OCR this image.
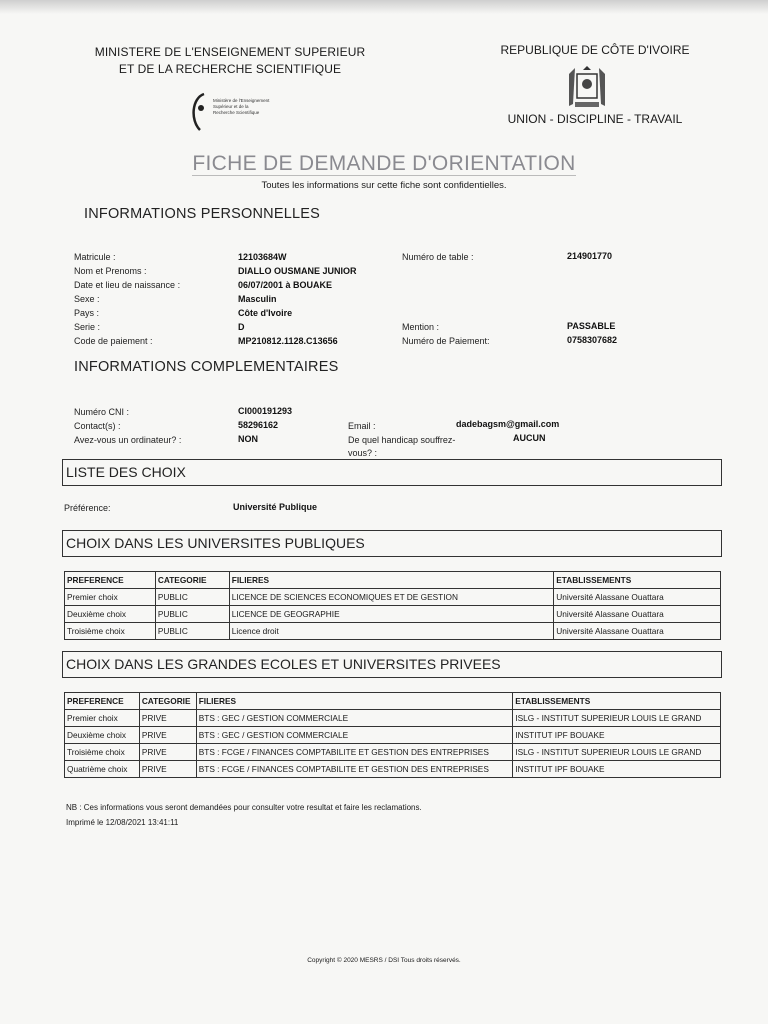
MINISTERE DE L'ENSEIGNEMENT SUPERIEUR
ET DE LA RECHERCHE SCIENTIFIQUE
Ministère de l'Enseignement
Supérieur et de la
Recherche Scientifique
REPUBLIQUE DE CÔTE D'IVOIRE
UNION - DISCIPLINE - TRAVAIL
FICHE DE DEMANDE D'ORIENTATION
Toutes les informations sur cette fiche sont confidentielles.
INFORMATIONS PERSONNELLES
Matricule :	12103684W
Nom et Prenoms :	DIALLO OUSMANE JUNIOR
Date et lieu de naissance :	06/07/2001 à BOUAKE
Sexe :	Masculin
Pays :	Côte d'Ivoire
Serie :	D
Code de paiement :	MP210812.1128.C13656
Numéro de table :	214901770
Mention :	PASSABLE
Numéro de Paiement:	0758307682
INFORMATIONS COMPLEMENTAIRES
Numéro CNI :	CI000191293
Contact(s) :	58296162
Avez-vous un ordinateur? :	NON
Email :	dadebagsm@gmail.com
De quel handicap souffrez-
vous? :
AUCUN
LISTE DES CHOIX
Préférence:	Université Publique
CHOIX DANS LES UNIVERSITES PUBLIQUES
PREFERENCE	CATEGORIE	FILIERES	ETABLISSEMENTS
Premier choix	PUBLIC	LICENCE DE SCIENCES ECONOMIQUES ET DE GESTION	Université Alassane Ouattara
Deuxième choix	PUBLIC	LICENCE DE GEOGRAPHIE	Université Alassane Ouattara
Troisième choix	PUBLIC	Licence droit	Université Alassane Ouattara
CHOIX DANS LES GRANDES ECOLES ET UNIVERSITES PRIVEES
PREFERENCE	CATEGORIE	FILIERES	ETABLISSEMENTS
Premier choix	PRIVE	BTS : GEC / GESTION COMMERCIALE	ISLG - INSTITUT SUPERIEUR LOUIS LE GRAND
Deuxième choix	PRIVE	BTS : GEC / GESTION COMMERCIALE	INSTITUT IPF BOUAKE
Troisième choix	PRIVE	BTS : FCGE / FINANCES COMPTABILITE ET GESTION DES ENTREPRISES	ISLG - INSTITUT SUPERIEUR LOUIS LE GRAND
Quatrième choix	PRIVE	BTS : FCGE / FINANCES COMPTABILITE ET GESTION DES ENTREPRISES	INSTITUT IPF BOUAKE
NB : Ces informations vous seront demandées pour consulter votre resultat et faire les reclamations.
Imprimé le 12/08/2021 13:41:11
Copyright © 2020 MESRS / DSI Tous droits réservés.
